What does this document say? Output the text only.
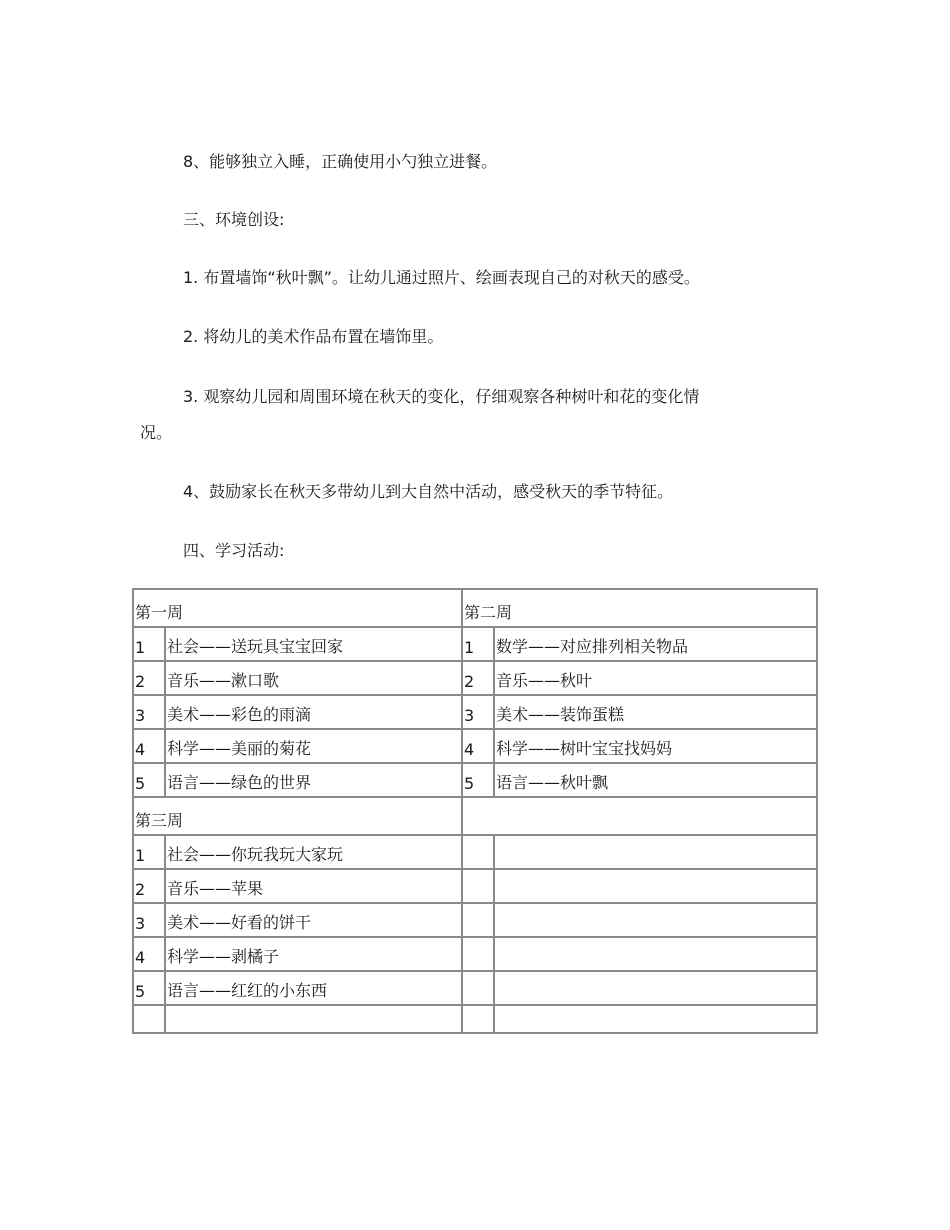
8、能够独立入睡，正确使用小勺独立进餐。

三、环境创设:

1. 布置墙饰“秋叶飘”。让幼儿通过照片、绘画表现自己的对秋天的感受。

2. 将幼儿的美术作品布置在墙饰里。

3. 观察幼儿园和周围环境在秋天的变化，仔细观察各种树叶和花的变化情

况。

4、鼓励家长在秋天多带幼儿到大自然中活动，感受秋天的季节特征。

四、学习活动:

第一周		第二周	
1	社会——送玩具宝宝回家	1	数学——对应排列相关物品
2	音乐——漱口歌	2	音乐——秋叶
3	美术——彩色的雨滴	3	美术——装饰蛋糕
4	科学——美丽的菊花	4	科学——树叶宝宝找妈妈
5	语言——绿色的世界	5	语言——秋叶飘
第三周			
1	社会——你玩我玩大家玩		
2	音乐——苹果		
3	美术——好看的饼干		
4	科学——剥橘子		
5	语言——红红的小东西		
